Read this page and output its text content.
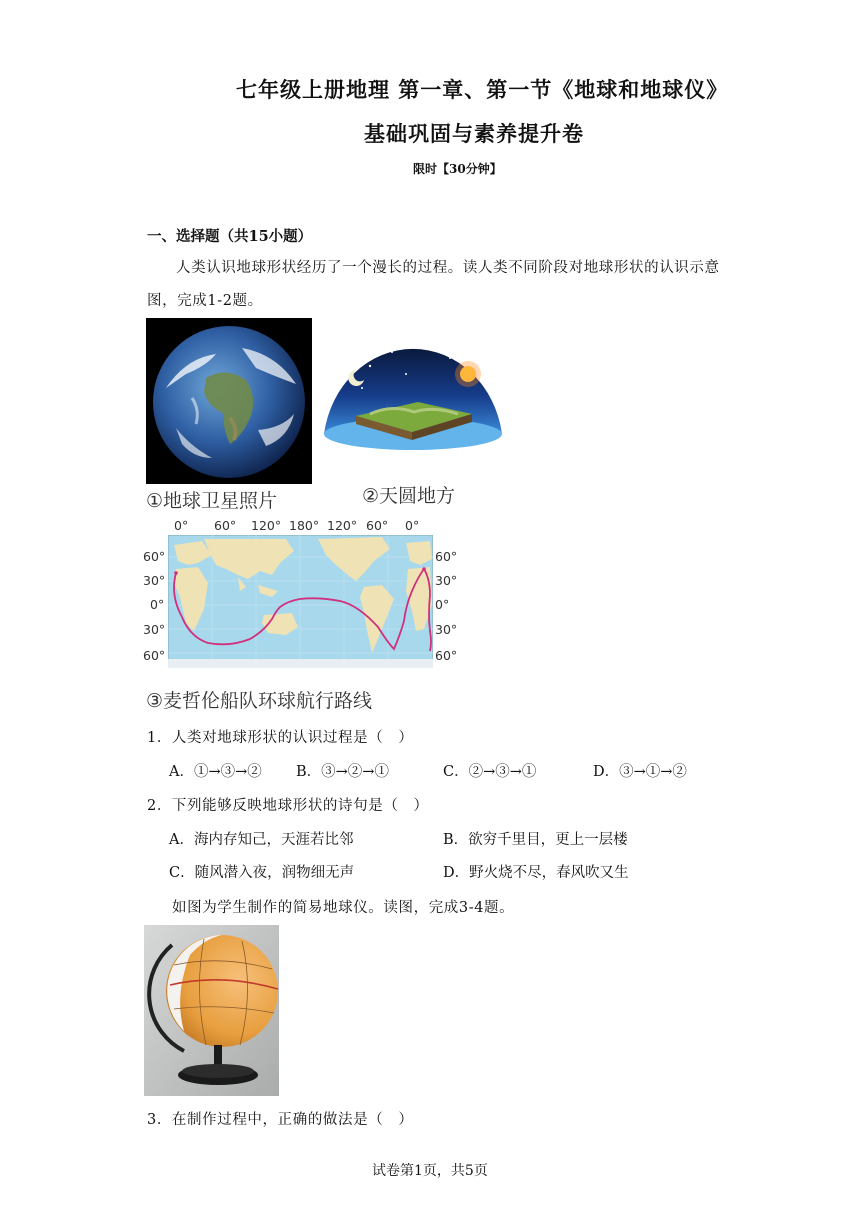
七年级上册地理 第一章、第一节《地球和地球仪》
基础巩固与素养提升卷
限时【30分钟】
一、选择题（共15小题）
人类认识地球形状经历了一个漫长的过程。读人类不同阶段对地球形状的认识示意
图，完成1-2题。
①地球卫星照片	②天圆地方
0° 60° 120° 180° 120° 60° 0°
60°
30°
0°
30°
60°
60°
30°
0°
30°
60°
③麦哲伦船队环球航行路线
1．人类对地球形状的认识过程是（　）
A．①→③→② B．③→②→①	C．②→③→①	D．③→①→②
2．下列能够反映地球形状的诗句是（　）
A．海内存知己，天涯若比邻	B．欲穷千里目，更上一层楼
C．随风潜入夜，润物细无声	D．野火烧不尽，春风吹又生
如图为学生制作的简易地球仪。读图，完成3-4题。
3．在制作过程中，正确的做法是（　）
试卷第1页，共5页
